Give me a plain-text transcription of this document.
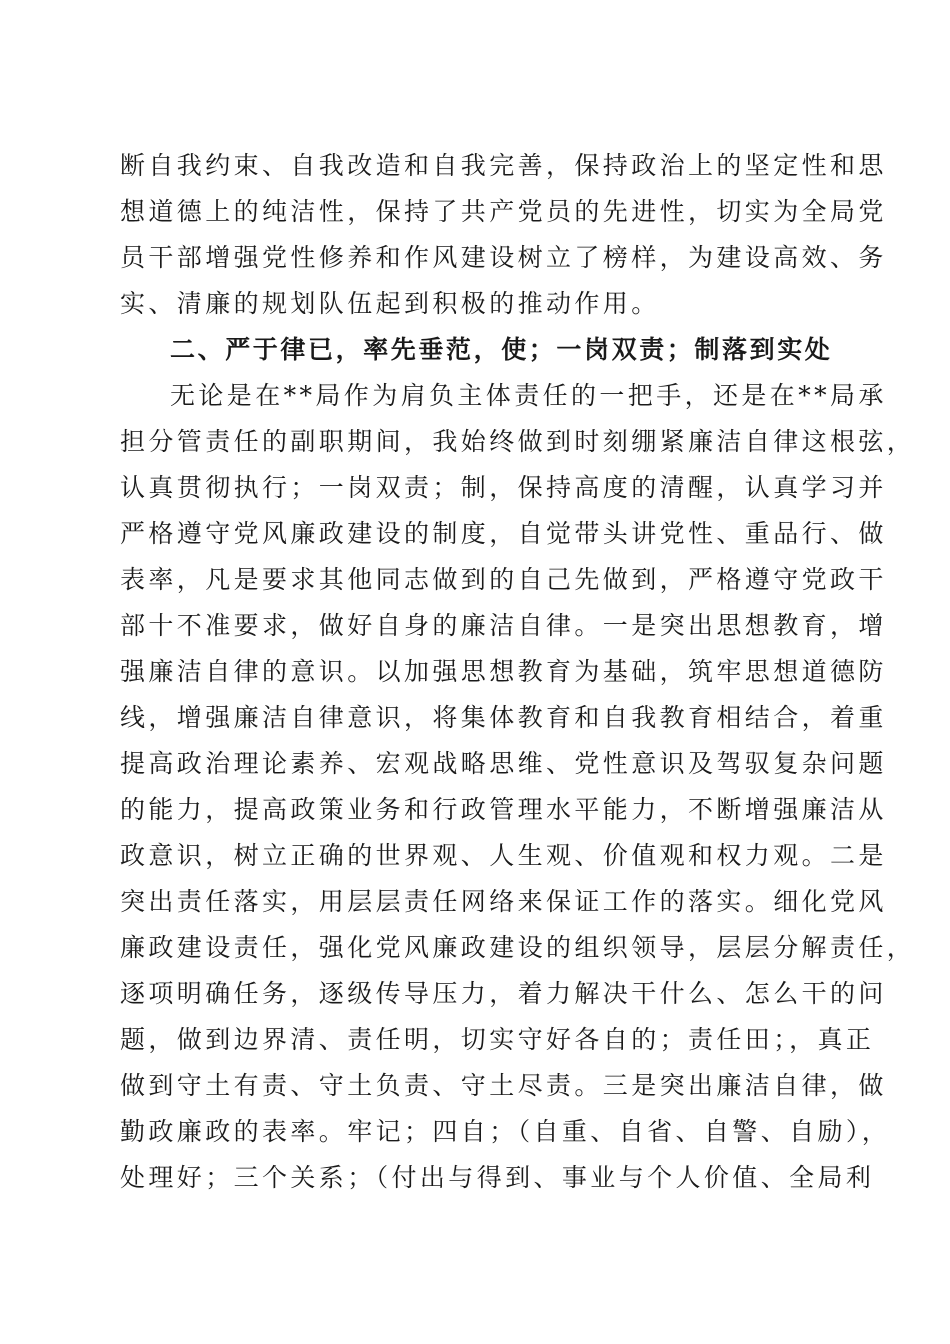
断自我约束、自我改造和自我完善，保持政治上的坚定性和思
想道德上的纯洁性，保持了共产党员的先进性，切实为全局党
员干部增强党性修养和作风建设树立了榜样，为建设高效、务
实、清廉的规划队伍起到积极的推动作用。
二、严于律已，率先垂范，使；一岗双责；制落到实处
无论是在**局作为肩负主体责任的一把手，还是在**局承
担分管责任的副职期间，我始终做到时刻绷紧廉洁自律这根弦，
认真贯彻执行；一岗双责；制，保持高度的清醒，认真学习并
严格遵守党风廉政建设的制度，自觉带头讲党性、重品行、做
表率，凡是要求其他同志做到的自己先做到，严格遵守党政干
部十不准要求，做好自身的廉洁自律。一是突出思想教育，增
强廉洁自律的意识。以加强思想教育为基础，筑牢思想道德防
线，增强廉洁自律意识，将集体教育和自我教育相结合，着重
提高政治理论素养、宏观战略思维、党性意识及驾驭复杂问题
的能力，提高政策业务和行政管理水平能力，不断增强廉洁从
政意识，树立正确的世界观、人生观、价值观和权力观。二是
突出责任落实，用层层责任网络来保证工作的落实。细化党风
廉政建设责任，强化党风廉政建设的组织领导，层层分解责任，
逐项明确任务，逐级传导压力，着力解决干什么、怎么干的问
题，做到边界清、责任明，切实守好各自的；责任田；，真正
做到守土有责、守土负责、守土尽责。三是突出廉洁自律，做
勤政廉政的表率。牢记；四自；（自重、自省、自警、自励），
处理好；三个关系；（付出与得到、事业与个人价值、全局利
